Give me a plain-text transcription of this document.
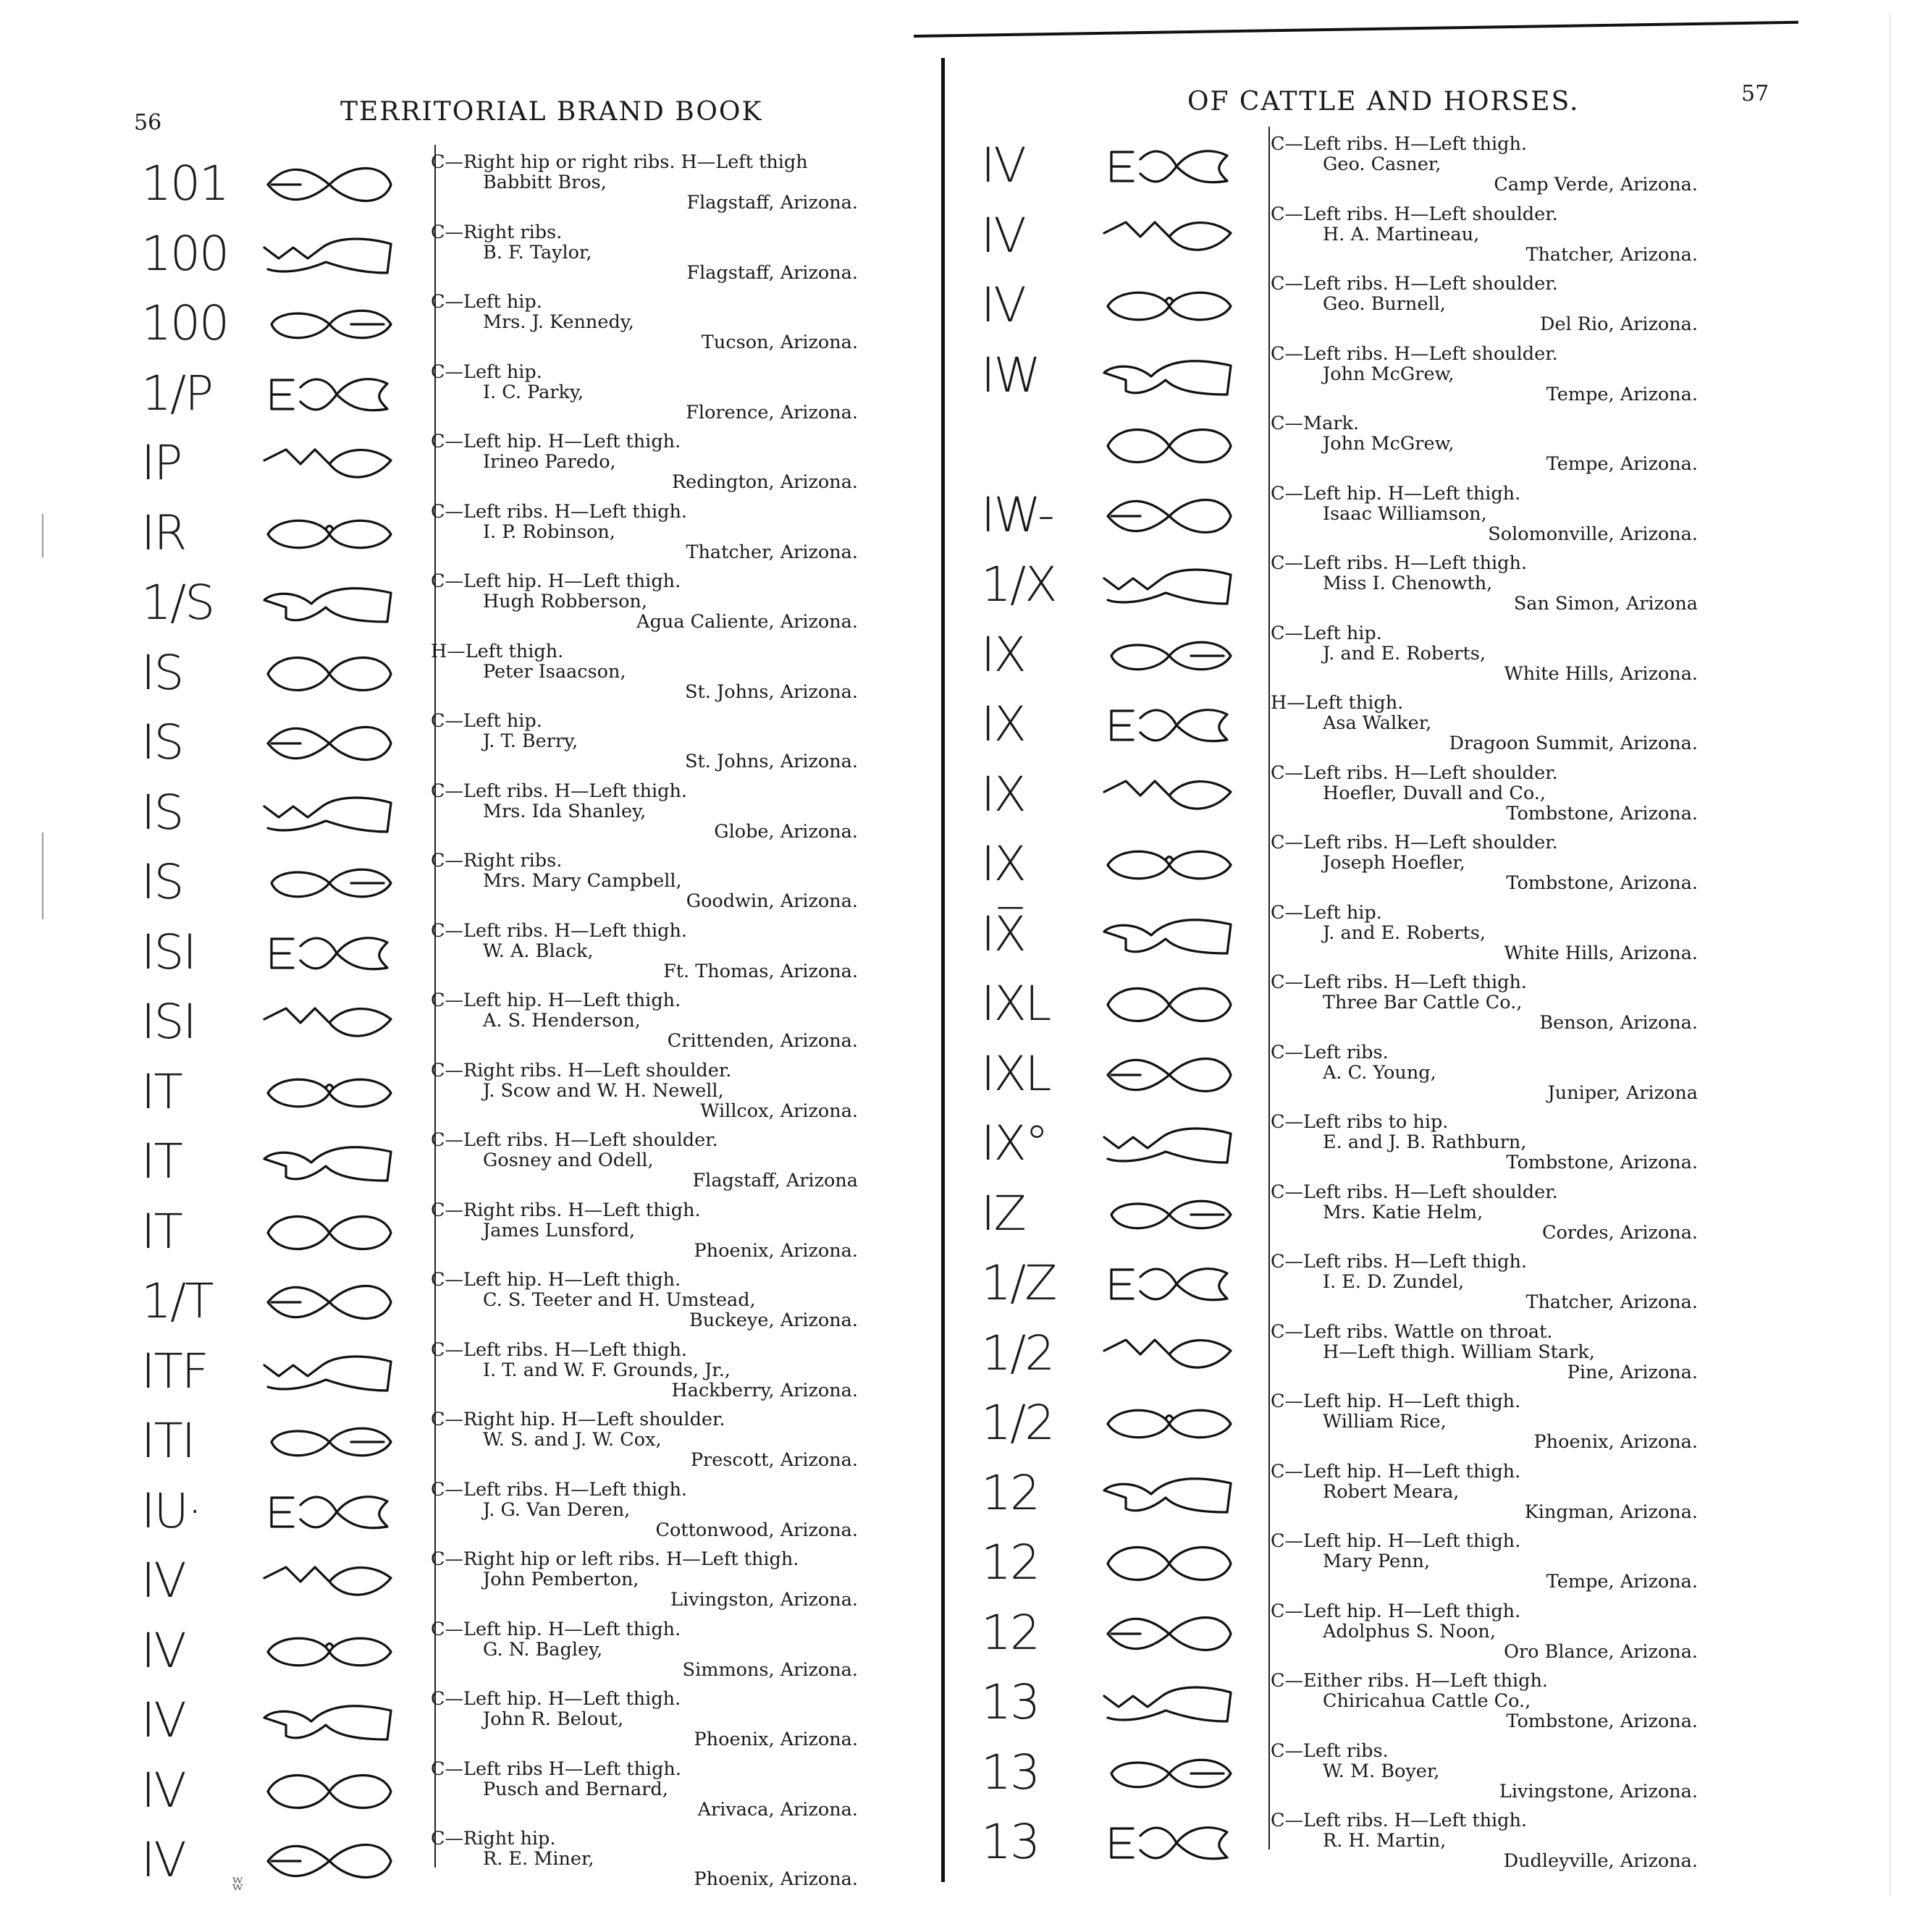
56	TERRITORIAL BRAND BOOK	OF CATTLE AND HORSES.	57
ʬ
101	C—Right hip or right ribs. H—Left thigh
Babbitt Bros,
Flagstaff, Arizona.
100	C—Right ribs.
B. F. Taylor,
Flagstaff, Arizona.
100	C—Left hip.
Mrs. J. Kennedy,
Tucson, Arizona.
1/P	C—Left hip.
I. C. Parky,
Florence, Arizona.
IP	C—Left hip. H—Left thigh.
Irineo Paredo,
Redington, Arizona.
IR	C—Left ribs. H—Left thigh.
I. P. Robinson,
Thatcher, Arizona.
1/S	C—Left hip. H—Left thigh.
Hugh Robberson,
Agua Caliente, Arizona.
IS	H—Left thigh.
Peter Isaacson,
St. Johns, Arizona.
IS	C—Left hip.
J. T. Berry,
St. Johns, Arizona.
IS	C—Left ribs. H—Left thigh.
Mrs. Ida Shanley,
Globe, Arizona.
IS	C—Right ribs.
Mrs. Mary Campbell,
Goodwin, Arizona.
ISI	C—Left ribs. H—Left thigh.
W. A. Black,
Ft. Thomas, Arizona.
ISI	C—Left hip. H—Left thigh.
A. S. Henderson,
Crittenden, Arizona.
IT	C—Right ribs. H—Left shoulder.
J. Scow and W. H. Newell,
Willcox, Arizona.
IT	C—Left ribs. H—Left shoulder.
Gosney and Odell,
Flagstaff, Arizona
IT	C—Right ribs. H—Left thigh.
James Lunsford,
Phoenix, Arizona.
1/T	C—Left hip. H—Left thigh.
C. S. Teeter and H. Umstead,
Buckeye, Arizona.
ITF	C—Left ribs. H—Left thigh.
I. T. and W. F. Grounds, Jr.,
Hackberry, Arizona.
ITI	C—Right hip. H—Left shoulder.
W. S. and J. W. Cox,
Prescott, Arizona.
IU·	C—Left ribs. H—Left thigh.
J. G. Van Deren,
Cottonwood, Arizona.
IV	C—Right hip or left ribs. H—Left thigh.
John Pemberton,
Livingston, Arizona.
IV	C—Left hip. H—Left thigh.
G. N. Bagley,
Simmons, Arizona.
IV	C—Left hip. H—Left thigh.
John R. Belout,
Phoenix, Arizona.
IV	C—Left ribs H—Left thigh.
Pusch and Bernard,
Arivaca, Arizona.
IV	C—Right hip.
R. E. Miner,
Phoenix, Arizona.
IV	C—Left ribs. H—Left thigh.
Geo. Casner,
Camp Verde, Arizona.
IV	C—Left ribs. H—Left shoulder.
H. A. Martineau,
Thatcher, Arizona.
IV	C—Left ribs. H—Left shoulder.
Geo. Burnell,
Del Rio, Arizona.
IW	C—Left ribs. H—Left shoulder.
John McGrew,
Tempe, Arizona.
C—Mark.
John McGrew,
Tempe, Arizona.
IW-	C—Left hip. H—Left thigh.
Isaac Williamson,
Solomonville, Arizona.
1/X	C—Left ribs. H—Left thigh.
Miss I. Chenowth,
San Simon, Arizona
IX	C—Left hip.
J. and E. Roberts,
White Hills, Arizona.
IX	H—Left thigh.
Asa Walker,
Dragoon Summit, Arizona.
IX	C—Left ribs. H—Left shoulder.
Hoefler, Duvall and Co.,
Tombstone, Arizona.
IX	C—Left ribs. H—Left shoulder.
Joseph Hoefler,
Tombstone, Arizona.
IX̅	C—Left hip.
J. and E. Roberts,
White Hills, Arizona.
IXL	C—Left ribs. H—Left thigh.
Three Bar Cattle Co.,
Benson, Arizona.
IXL	C—Left ribs.
A. C. Young,
Juniper, Arizona
IX°	C—Left ribs to hip.
E. and J. B. Rathburn,
Tombstone, Arizona.
IZ	C—Left ribs. H—Left shoulder.
Mrs. Katie Helm,
Cordes, Arizona.
1/Z	C—Left ribs. H—Left thigh.
I. E. D. Zundel,
Thatcher, Arizona.
1/2	C—Left ribs. Wattle on throat.
H—Left thigh. William Stark,
Pine, Arizona.
1/2	C—Left hip. H—Left thigh.
William Rice,
Phoenix, Arizona.
12	C—Left hip. H—Left thigh.
Robert Meara,
Kingman, Arizona.
12	C—Left hip. H—Left thigh.
Mary Penn,
Tempe, Arizona.
12	C—Left hip. H—Left thigh.
Adolphus S. Noon,
Oro Blance, Arizona.
13	C—Either ribs. H—Left thigh.
Chiricahua Cattle Co.,
Tombstone, Arizona.
13	C—Left ribs.
W. M. Boyer,
Livingstone, Arizona.
13	C—Left ribs. H—Left thigh.
R. H. Martin,
Dudleyville, Arizona.
